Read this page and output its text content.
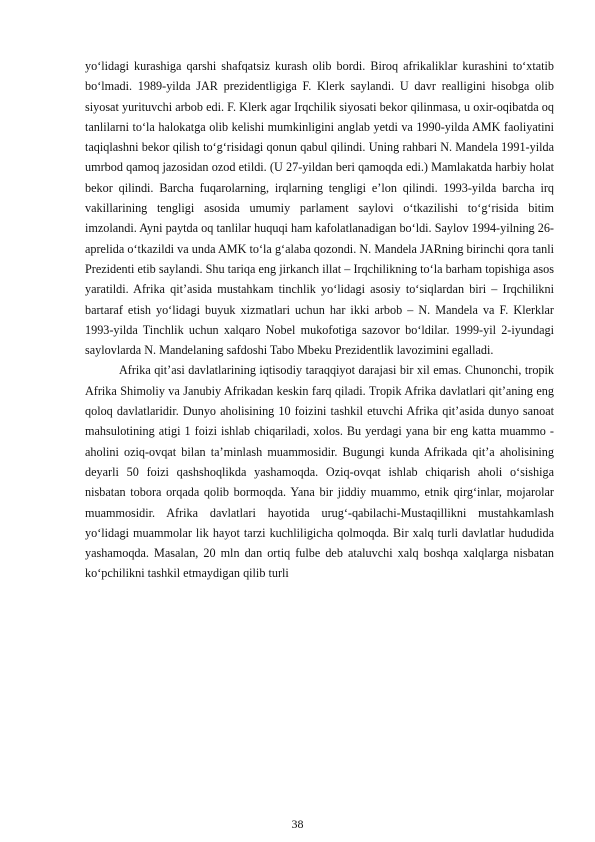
yo‘lidagi kurashiga qarshi shafqatsiz kurash olib bordi. Biroq afrikaliklar kurashini to‘xtatib bo‘lmadi. 1989-yilda JAR prezidentligiga F. Klerk saylandi. U davr realligini hisobga olib siyosat yurituvchi arbob edi. F. Klerk agar Irqchilik siyosati bekor qilinmasa, u oxir-oqibatda oq tanlilarni to‘la halokatga olib kelishi mumkinligini anglab yetdi va 1990-yilda AMK faoliyatini taqiqlashni bekor qilish to‘g‘risidagi qonun qabul qilindi. Uning rahbari N. Mandela 1991-yilda umrbod qamoq jazosidan ozod etildi. (U 27-yildan beri qamoqda edi.) Mamlakatda harbiy holat bekor qilindi. Barcha fuqarolarning, irqlarning tengligi e’lon qilindi. 1993-yilda barcha irq vakillarining tengligi asosida umumiy parlament saylovi o‘tkazilishi to‘g‘risida bitim imzolandi. Ayni paytda oq tanlilar huquqi ham kafolatlanadigan bo‘ldi. Saylov 1994-yilning 26-aprelida o‘tkazildi va unda AMK to‘la g‘alaba qozondi. N. Mandela JARning birinchi qora tanli Prezidenti etib saylandi. Shu tariqa eng jirkanch illat – Irqchilikning to‘la barham topishiga asos yaratildi. Afrika qit’asida mustahkam tinchlik yo‘lidagi asosiy to‘siqlardan biri – Irqchilikni bartaraf etish yo‘lidagi buyuk xizmatlari uchun har ikki arbob – N. Mandela va F. Klerklar 1993-yilda Tinchlik uchun xalqaro Nobel mukofotiga sazovor bo‘ldilar. 1999-yil 2-iyundagi saylovlarda N. Mandelaning safdoshi Tabo Mbeku Prezidentlik lavozimini egalladi.

Afrika qit’asi davlatlarining iqtisodiy taraqqiyot darajasi bir xil emas. Chunonchi, tropik Afrika Shimoliy va Janubiy Afrikadan keskin farq qiladi. Tropik Afrika davlatlari qit’aning eng qoloq davlatlaridir. Dunyo aholisining 10 foizini tashkil etuvchi Afrika qit’asida dunyo sanoat mahsulotining atigi 1 foizi ishlab chiqariladi, xolos. Bu yerdagi yana bir eng katta muammo - aholini oziq-ovqat bilan ta’minlash muammosidir. Bugungi kunda Afrikada qit’a aholisining deyarli 50 foizi qashshoqlikda yashamoqda. Oziq-ovqat ishlab chiqarish aholi o‘sishiga nisbatan tobora orqada qolib bormoqda. Yana bir jiddiy muammo, etnik qirg‘inlar, mojarolar muammosidir. Afrika davlatlari hayotida urug‘-qabilachi-Mustaqillikni mustahkamlash yo‘lidagi muammolar lik hayot tarzi kuchliligicha qolmoqda. Bir xalq turli davlatlar hududida yashamoqda. Masalan, 20 mln dan ortiq fulbe deb ataluvchi xalq boshqa xalqlarga nisbatan ko‘pchilikni tashkil etmaydigan qilib turli

38
